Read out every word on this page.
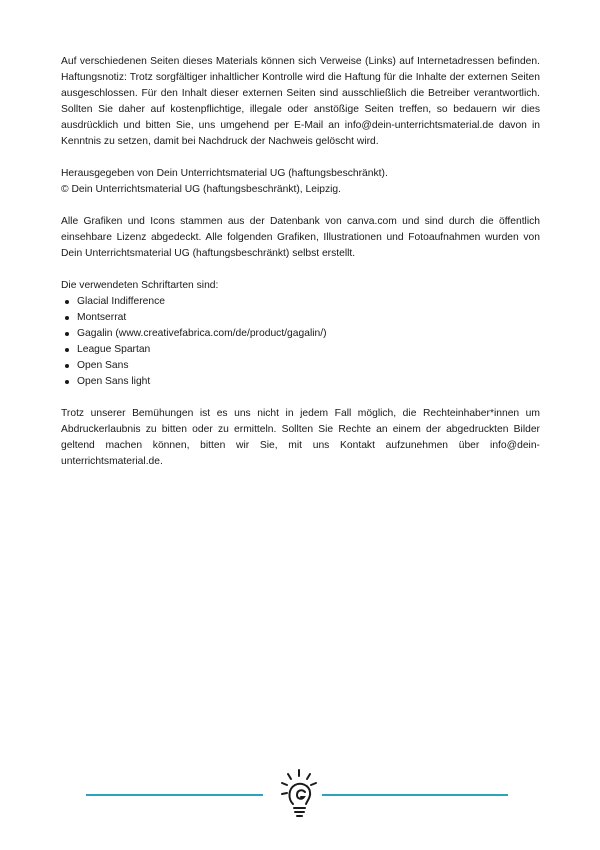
Auf verschiedenen Seiten dieses Materials können sich Verweise (Links) auf Internetadressen befinden. Haftungsnotiz: Trotz sorgfältiger inhaltlicher Kontrolle wird die Haftung für die Inhalte der externen Seiten ausgeschlossen. Für den Inhalt dieser externen Seiten sind ausschließlich die Betreiber verantwortlich. Sollten Sie daher auf kostenpflichtige, illegale oder anstößige Seiten treffen, so bedauern wir dies ausdrücklich und bitten Sie, uns umgehend per E-Mail an info@dein-unterrichtsmaterial.de davon in Kenntnis zu setzen, damit bei Nachdruck der Nachweis gelöscht wird.

Herausgegeben von Dein Unterrichtsmaterial UG (haftungsbeschränkt).
© Dein Unterrichtsmaterial UG (haftungsbeschränkt), Leipzig.

Alle Grafiken und Icons stammen aus der Datenbank von canva.com und sind durch die öffentlich einsehbare Lizenz abgedeckt. Alle folgenden Grafiken, Illustrationen und Fotoaufnahmen wurden von Dein Unterrichtsmaterial UG (haftungsbeschränkt) selbst erstellt.

Die verwendeten Schriftarten sind:

Glacial Indifference
Montserrat
Gagalin (www.creativefabrica.com/de/product/gagalin/)
League Spartan
Open Sans
Open Sans light

Trotz unserer Bemühungen ist es uns nicht in jedem Fall möglich, die Rechteinhaber*innen um Abdruckerlaubnis zu bitten oder zu ermitteln. Sollten Sie Rechte an einem der abgedruckten Bilder geltend machen können, bitten wir Sie, mit uns Kontakt aufzunehmen über info@dein-unterrichtsmaterial.de.
